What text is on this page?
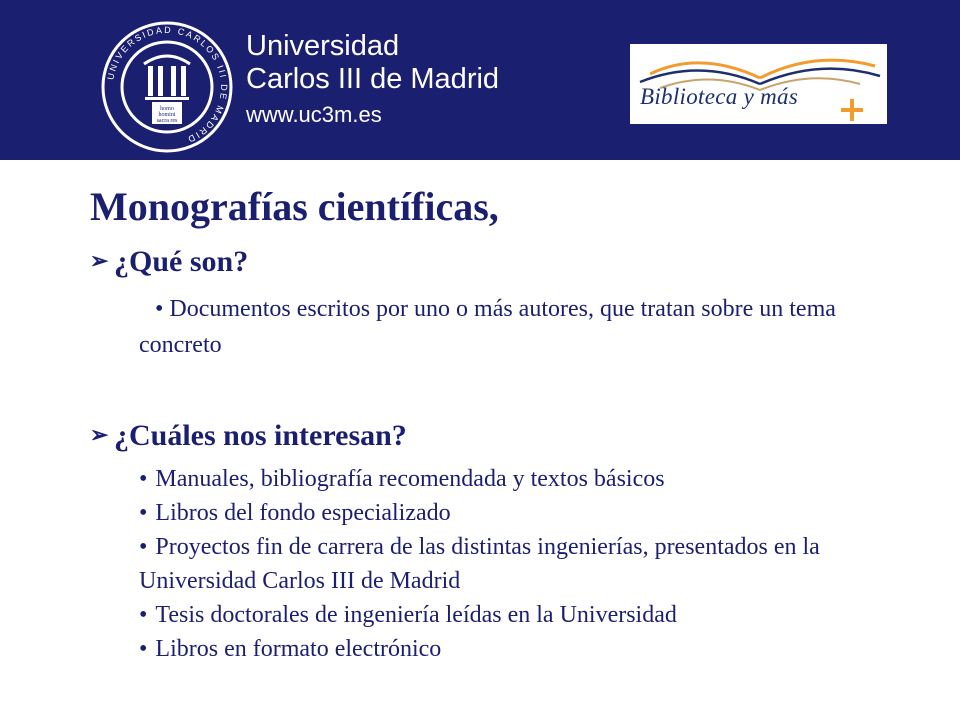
UNIVERSIDAD CARLOS III DE MADRID
homo
homini
sacra res
Universidad
Carlos III de Madrid
www.uc3m.es
Biblioteca y más
Monografías científicas,
➢ ¿Qué son?
• Documentos escritos por uno o más autores, que tratan sobre un tema concreto
➢ ¿Cuáles nos interesan?
• Manuales, bibliografía recomendada y textos básicos
• Libros del fondo especializado
• Proyectos fin de carrera de las distintas ingenierías, presentados en la Universidad Carlos III de Madrid
• Tesis doctorales de ingeniería leídas en la Universidad
• Libros en formato electrónico
